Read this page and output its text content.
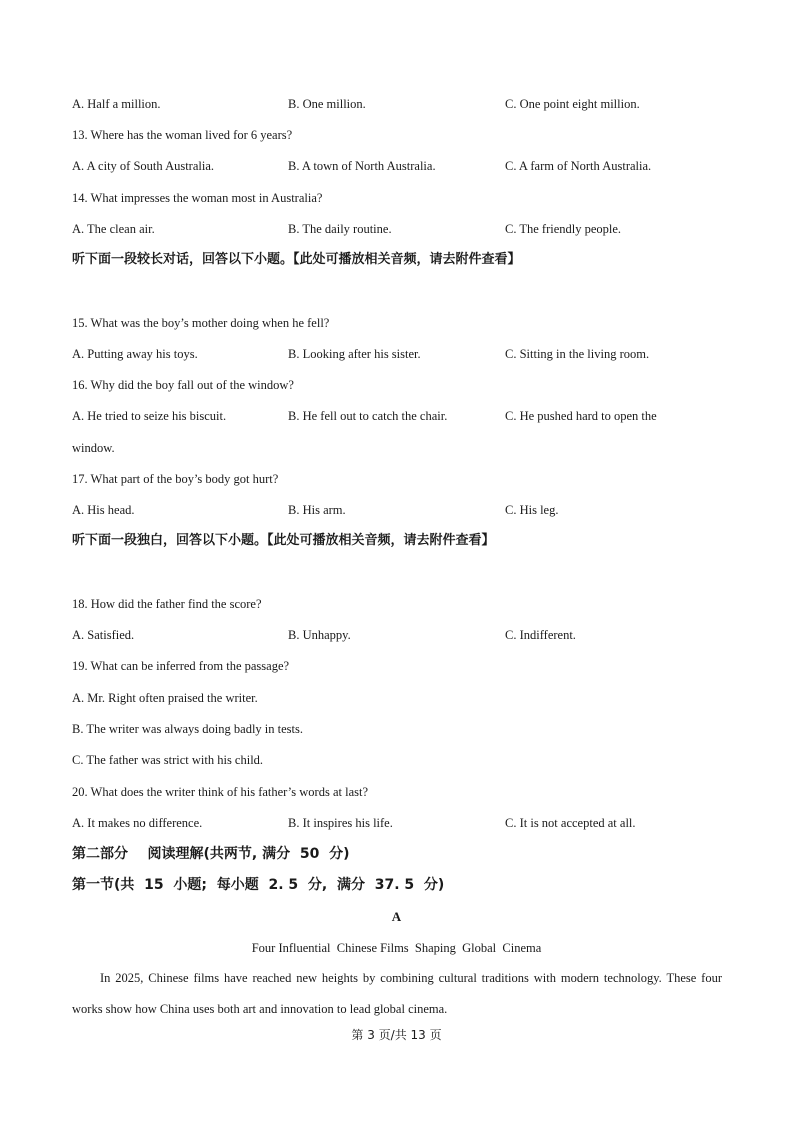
A. Half a million.	B. One million.	C. One point eight million.
13. Where has the woman lived for 6 years?
A. A city of South Australia.	B. A town of North Australia.	C. A farm of North Australia.
14. What impresses the woman most in Australia?
A. The clean air.	B. The daily routine.	C. The friendly people.
听下面一段较长对话，回答以下小题。【此处可播放相关音频，请去附件查看】
15. What was the boy’s mother doing when he fell?
A. Putting away his toys.	B. Looking after his sister.	C. Sitting in the living room.
16. Why did the boy fall out of the window?
A. He tried to seize his biscuit.	B. He fell out to catch the chair.	C. He pushed hard to open the
window.
17. What part of the boy’s body got hurt?
A. His head.	B. His arm.	C. His leg.
听下面一段独白，回答以下小题。【此处可播放相关音频，请去附件查看】
18. How did the father find the score?
A. Satisfied.	B. Unhappy.	C. Indifferent.
19. What can be inferred from the passage?
A. Mr. Right often praised the writer.
B. The writer was always doing badly in tests.
C. The father was strict with his child.
20. What does the writer think of his father’s words at last?
A. It makes no difference.	B. It inspires his life.	C. It is not accepted at all.
第二部分    阅读理解(共两节, 满分  50  分)
第一节(共  15  小题;  每小题  2. 5  分,  满分  37. 5  分)
A
Four Influential  Chinese Films  Shaping  Global  Cinema
In 2025, Chinese films have reached new heights by combining cultural traditions with modern technology. These four works show how China uses both art and innovation to lead global cinema.
第 3 页/共 13 页
